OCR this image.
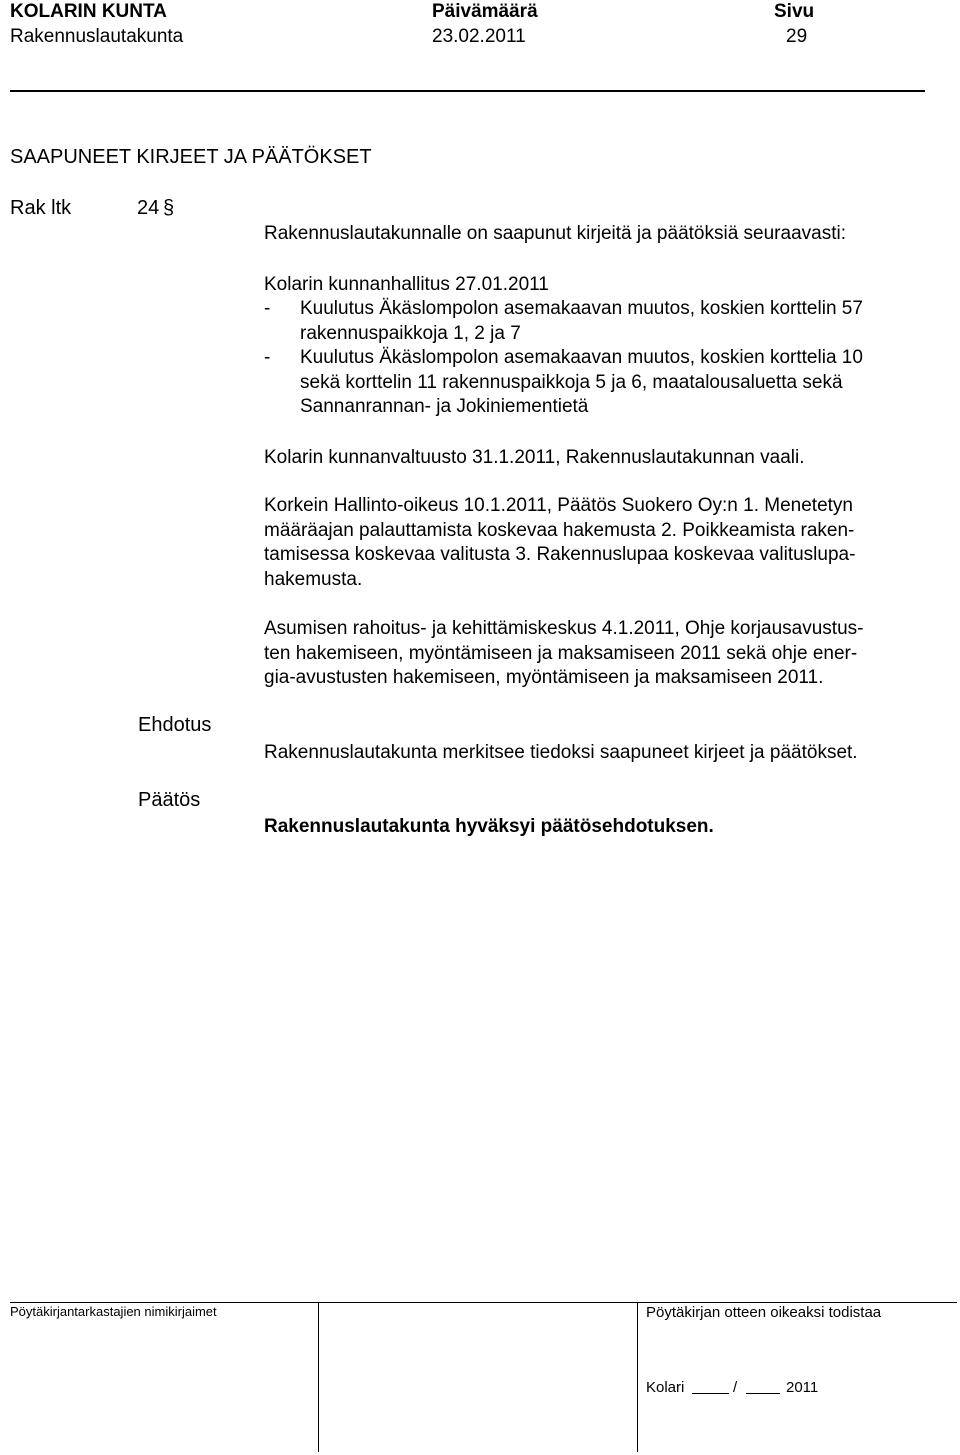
KOLARIN KUNTA
Rakennuslautakunta
Päivämäärä
23.02.2011
Sivu
29
SAAPUNEET KIRJEET JA PÄÄTÖKSET
Rak ltk	24 §
Rakennuslautakunnalle on saapunut kirjeitä ja päätöksiä seuraavasti:
Kolarin kunnanhallitus 27.01.2011
- Kuulutus Äkäslompolon asemakaavan muutos, koskien korttelin 57
rakennuspaikkoja 1, 2 ja 7
- Kuulutus Äkäslompolon asemakaavan muutos, koskien korttelia 10
sekä korttelin 11 rakennuspaikkoja 5 ja 6, maatalousaluetta sekä
Sannanrannan- ja Jokiniementietä
Kolarin kunnanvaltuusto 31.1.2011, Rakennuslautakunnan vaali.
Korkein Hallinto-oikeus 10.1.2011, Päätös Suokero Oy:n 1. Menetetyn
määräajan palauttamista koskevaa hakemusta 2. Poikkeamista raken-
tamisessa koskevaa valitusta 3. Rakennuslupaa koskevaa valituslupa-
hakemusta.
Asumisen rahoitus- ja kehittämiskeskus 4.1.2011, Ohje korjausavustus-
ten hakemiseen, myöntämiseen ja maksamiseen 2011 sekä ohje ener-
gia-avustusten hakemiseen, myöntämiseen ja maksamiseen 2011.
Ehdotus
Rakennuslautakunta merkitsee tiedoksi saapuneet kirjeet ja päätökset.
Päätös
Rakennuslautakunta hyväksyi päätösehdotuksen.
Pöytäkirjantarkastajien nimikirjaimet	Pöytäkirjan otteen oikeaksi todistaa
Kolari	/	2011
